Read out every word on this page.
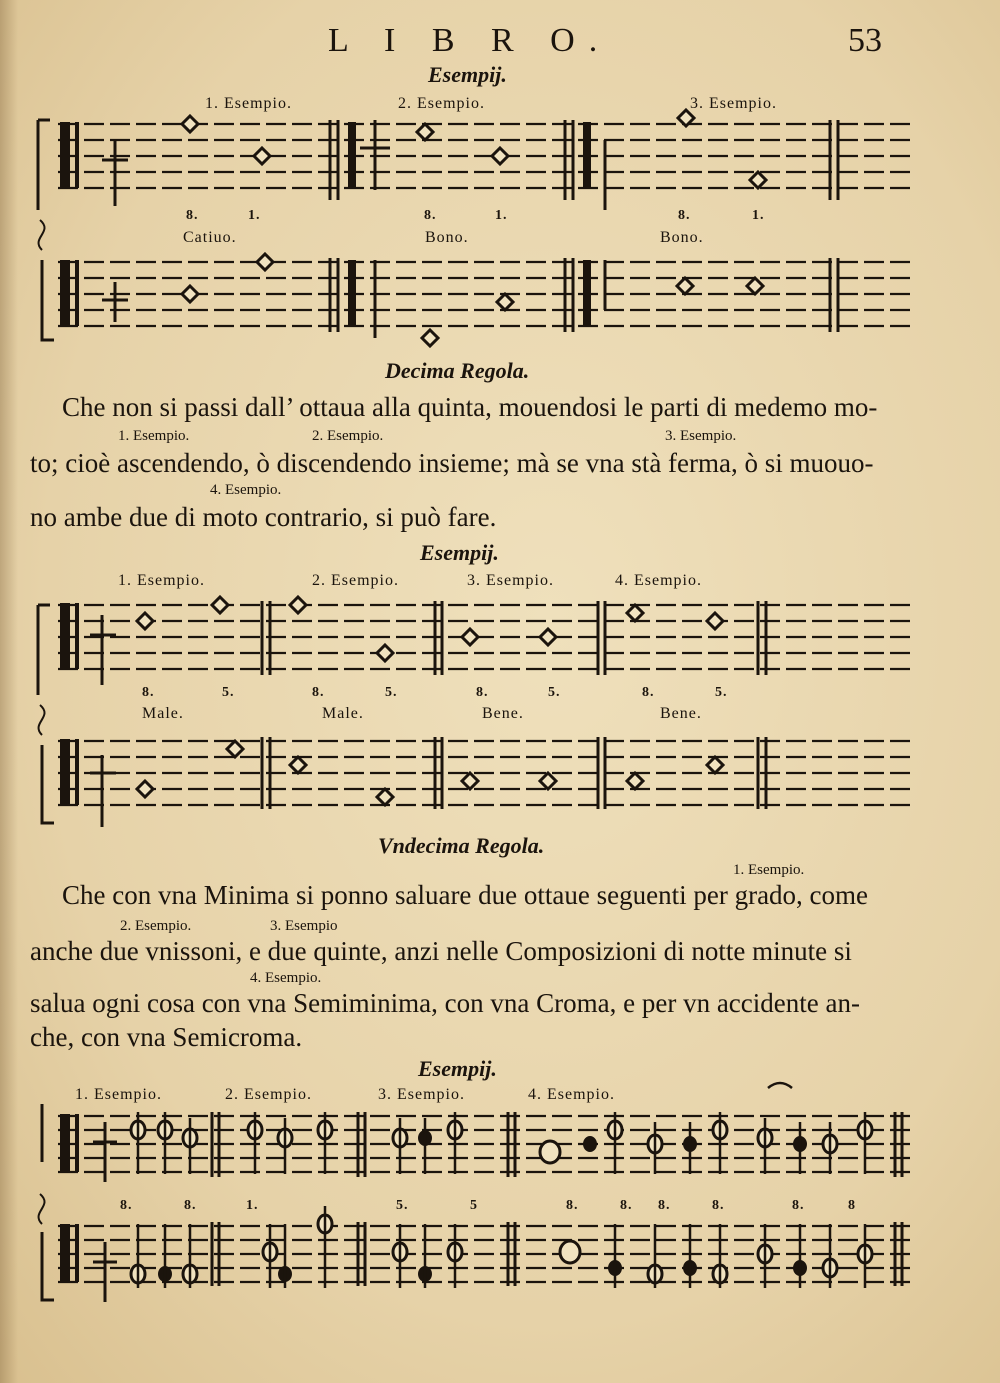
L I B R O.	53
Esempij.
1. Esempio.	2. Esempio.	3. Esempio.
8.	1.	8.	1.	8.	1.
Catiuo.	Bono.	Bono.
Decima Regola.
Che non si passi dall’ ottaua alla quinta, mouendosi le parti di medemo mo-
1. Esempio.	2. Esempio.	3. Esempio.
to; cioè ascendendo, ò discendendo insieme; mà se vna stà ferma, ò si muouo-
4. Esempio.
no ambe due di moto contrario, si può fare.
Esempij.
1. Esempio.	2. Esempio.	3. Esempio.	4. Esempio.
8.	5.	8.	5.	8.	5.	8.	5.
Male.	Male.	Bene.	Bene.
Vndecima Regola.
1. Esempio.
Che con vna Minima si ponno saluare due ottaue seguenti per grado, come
2. Esempio.	3. Esempio
anche due vnissoni, e due quinte, anzi nelle Composizioni di notte minute si
4. Esempio.
salua ogni cosa con vna Semiminima, con vna Croma, e per vn accidente an-
che, con vna Semicroma.
Esempij.
1. Esempio.	2. Esempio.	3. Esempio.	4. Esempio.
8.	8.	1.	5.	5	8.	8. 8.	8.	8.	8
